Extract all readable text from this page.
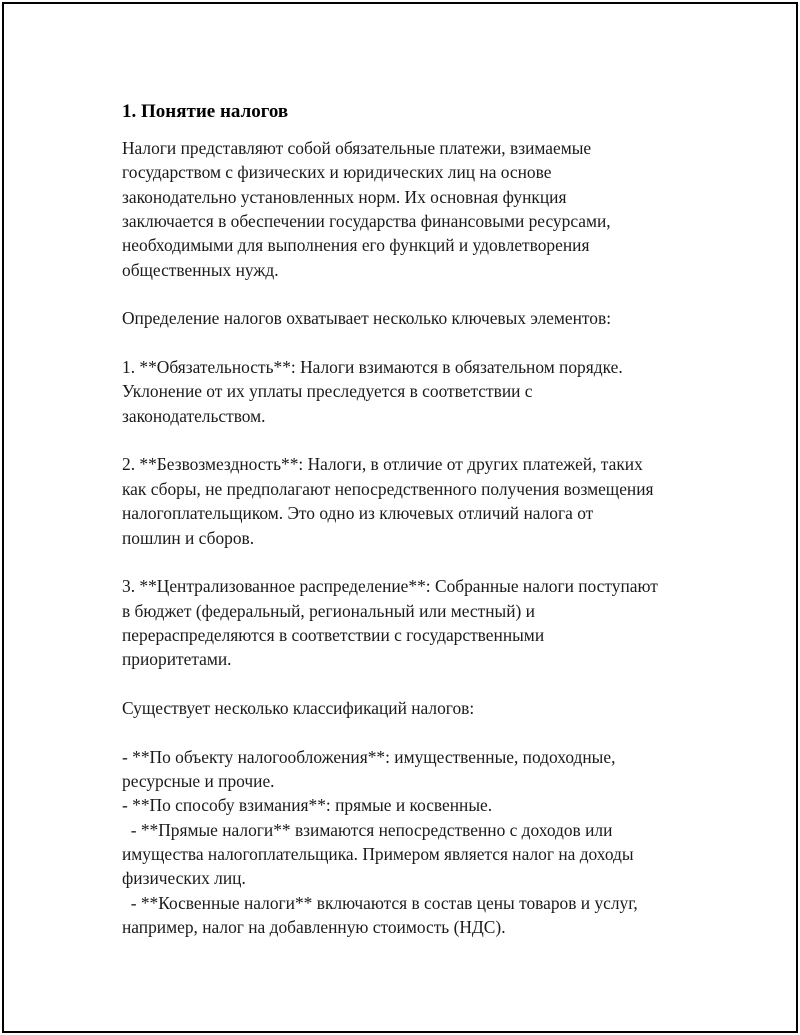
1. Понятие налогов
Налоги представляют собой обязательные платежи, взимаемые
государством с физических и юридических лиц на основе
законодательно установленных норм. Их основная функция
заключается в обеспечении государства финансовыми ресурсами,
необходимыми для выполнения его функций и удовлетворения
общественных нужд.
Определение налогов охватывает несколько ключевых элементов:
1. **Обязательность**: Налоги взимаются в обязательном порядке.
Уклонение от их уплаты преследуется в соответствии с
законодательством.
2. **Безвозмездность**: Налоги, в отличие от других платежей, таких
как сборы, не предполагают непосредственного получения возмещения
налогоплательщиком. Это одно из ключевых отличий налога от
пошлин и сборов.
3. **Централизованное распределение**: Собранные налоги поступают
в бюджет (федеральный, региональный или местный) и
перераспределяются в соответствии с государственными
приоритетами.
Существует несколько классификаций налогов:
- **По объекту налогообложения**: имущественные, подоходные,
ресурсные и прочие.
- **По способу взимания**: прямые и косвенные.
- **Прямые налоги** взимаются непосредственно с доходов или
имущества налогоплательщика. Примером является налог на доходы
физических лиц.
- **Косвенные налоги** включаются в состав цены товаров и услуг,
например, налог на добавленную стоимость (НДС).
